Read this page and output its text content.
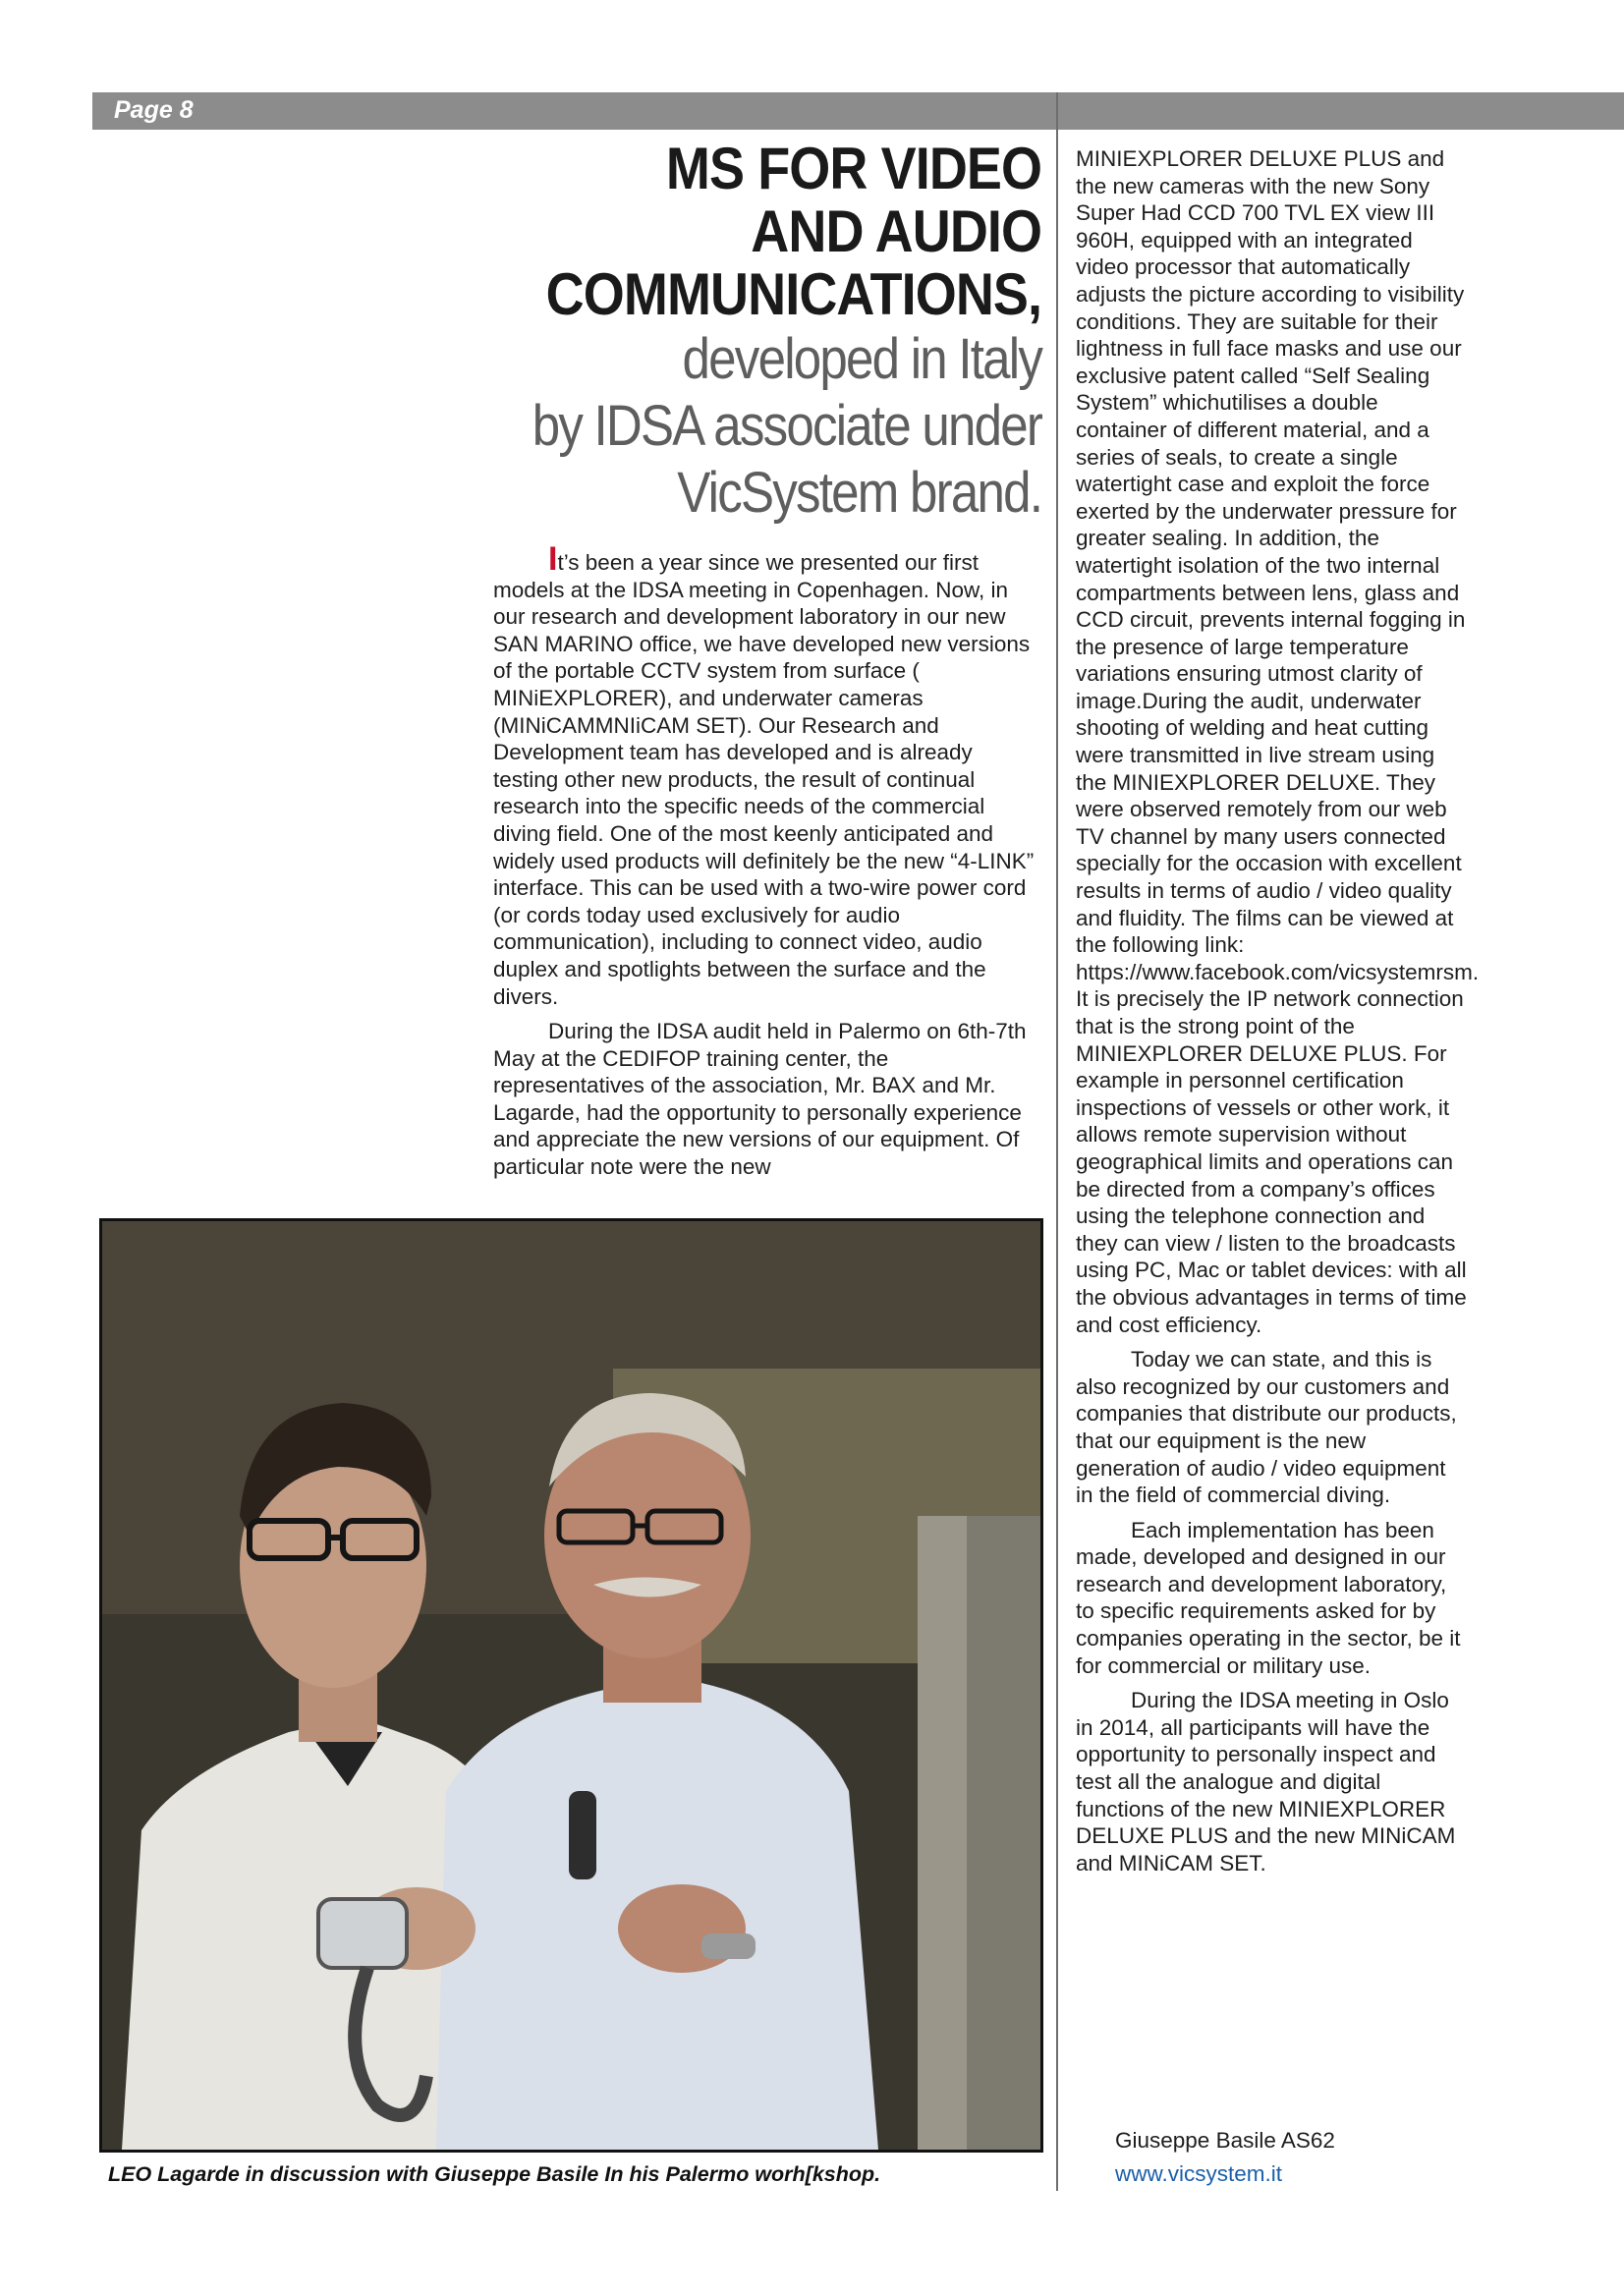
Page 8
MS FOR VIDEO
AND AUDIO
COMMUNICATIONS,
developed in Italy
by IDSA associate under
VicSystem brand.

It’s been a year since we presented our first models at the IDSA meeting in Copenhagen. Now, in our research and development laboratory in our new SAN MARINO office, we have developed new versions of the portable CCTV system from surface ( MINiEXPLORER), and underwater cameras (MINiCAMMNIiCAM SET). Our Research and Development team has developed and is already testing other new products, the result of continual research into the specific needs of the commercial diving field. One of the most keenly anticipated and widely used products will definitely be the new “4-LINK” interface. This can be used with a two-wire power cord (or cords today used exclusively for audio communication), including to connect video, audio duplex and spotlights between the surface and the divers.

During the IDSA audit held in Palermo on 6th-7th May at the CEDIFOP training center, the representatives of the association, Mr. BAX and Mr. Lagarde, had the opportunity to personally experience and appreciate the new versions of our equipment. Of particular note were the new

MINIEXPLORER DELUXE PLUS and the new cameras with the new Sony Super Had CCD 700 TVL EX view III 960H, equipped with an integrated video processor that automatically adjusts the picture according to visibility conditions. They are suitable for their lightness in full face masks and use our exclusive patent called “Self Sealing System” whichutilises a double container of different material, and a series of seals, to create a single watertight case and exploit the force exerted by the underwater pressure for greater sealing. In addition, the watertight isolation of the two internal compartments between lens, glass and CCD circuit, prevents internal fogging in the presence of large temperature variations ensuring utmost clarity of image.During the audit, underwater shooting of welding and heat cutting were transmitted in live stream using the MINIEXPLORER DELUXE. They were observed remotely from our web TV channel by many users connected specially for the occasion with excellent results in terms of audio / video quality and fluidity. The films can be viewed at the following link: https://www.facebook.com/vicsystemrsm. It is precisely the IP network connection that is the strong point of the MINIEXPLORER DELUXE PLUS. For example in personnel certification inspections of vessels or other work, it allows remote supervision without geographical limits and operations can be directed from a company’s offices using the telephone connection and they can view / listen to the broadcasts using PC, Mac or tablet devices: with all the obvious advantages in terms of time and cost efficiency.

Today we can state, and this is also recognized by our customers and companies that distribute our products, that our equipment is the new generation of audio / video equipment in the field of commercial diving.

Each implementation has been made, developed and designed in our research and development laboratory, to specific requirements asked for by companies operating in the sector, be it for commercial or military use.

During the IDSA meeting in Oslo in 2014, all participants will have the opportunity to personally inspect and test all the analogue and digital functions of the new MINIEXPLORER DELUXE PLUS and the new MINiCAM and MINiCAM SET.

Giuseppe Basile AS62
www.vicsystem.it
LEO Lagarde in discussion with Giuseppe Basile In his Palermo worh[kshop.
